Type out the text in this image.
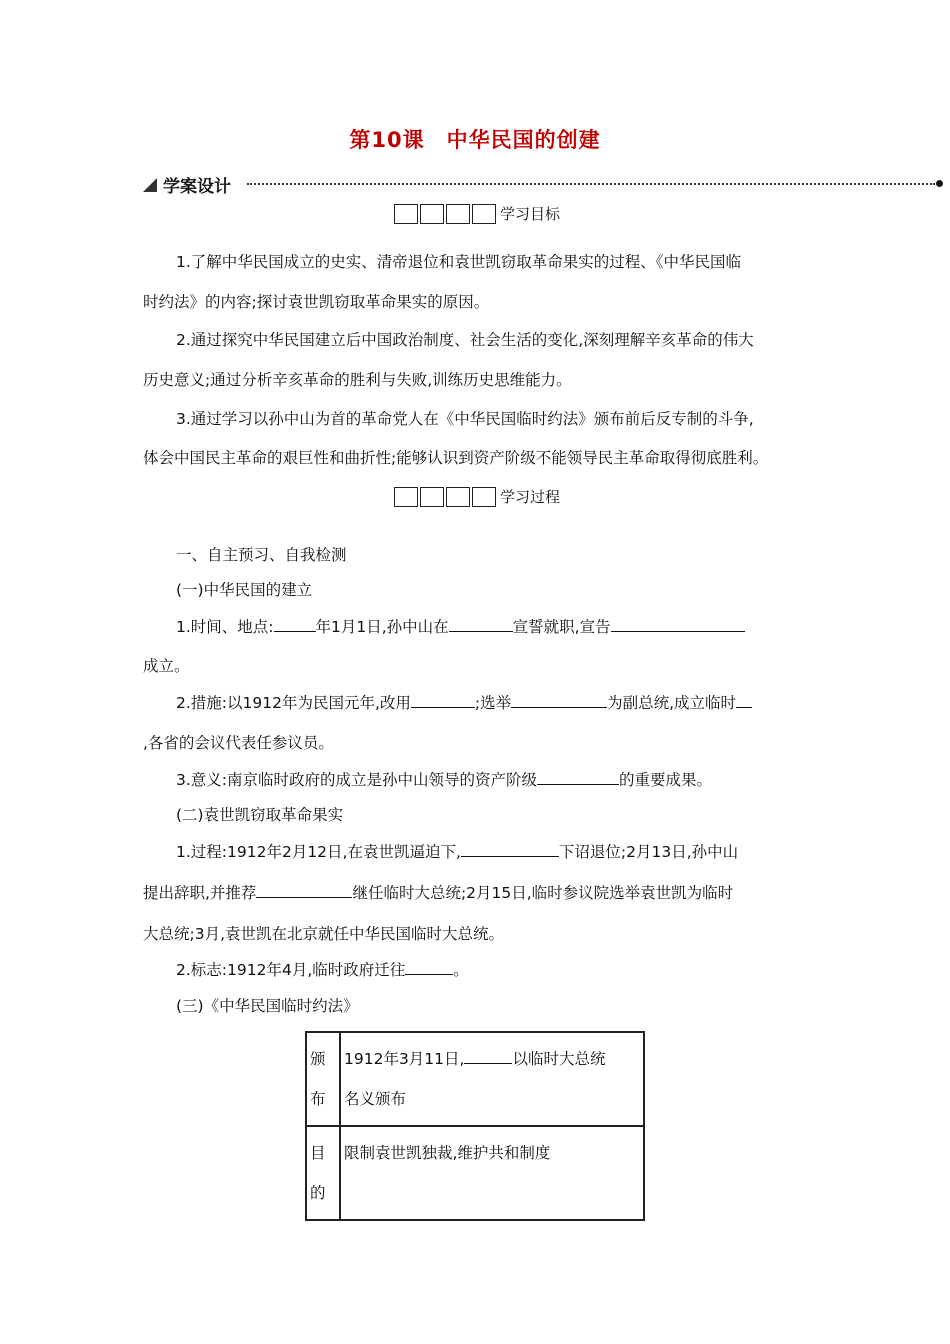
第10课　中华民国的创建
学案设计
学习目标
1.了解中华民国成立的史实、清帝退位和袁世凯窃取革命果实的过程、《中华民国临
时约法》的内容;探讨袁世凯窃取革命果实的原因。
2.通过探究中华民国建立后中国政治制度、社会生活的变化,深刻理解辛亥革命的伟大
历史意义;通过分析辛亥革命的胜利与失败,训练历史思维能力。
3.通过学习以孙中山为首的革命党人在《中华民国临时约法》颁布前后反专制的斗争,
体会中国民主革命的艰巨性和曲折性;能够认识到资产阶级不能领导民主革命取得彻底胜利。
学习过程
一、自主预习、自我检测
(一)中华民国的建立
1.时间、地点:	年1月1日,孙中山在	宣誓就职,宣告
成立。
2.措施:以1912年为民国元年,改用	;选举	为副总统,成立临时
,各省的会议代表任参议员。
3.意义:南京临时政府的成立是孙中山领导的资产阶级	的重要成果。
(二)袁世凯窃取革命果实
1.过程:1912年2月12日,在袁世凯逼迫下,	下诏退位;2月13日,孙中山
提出辞职,并推荐	继任临时大总统;2月15日,临时参议院选举袁世凯为临时
大总统;3月,袁世凯在北京就任中华民国临时大总统。
2.标志:1912年4月,临时政府迁往	。
(三)《中华民国临时约法》
颁布	1912年3月11日, 以临时大总统
名义颁布
目的	限制袁世凯独裁,维护共和制度
